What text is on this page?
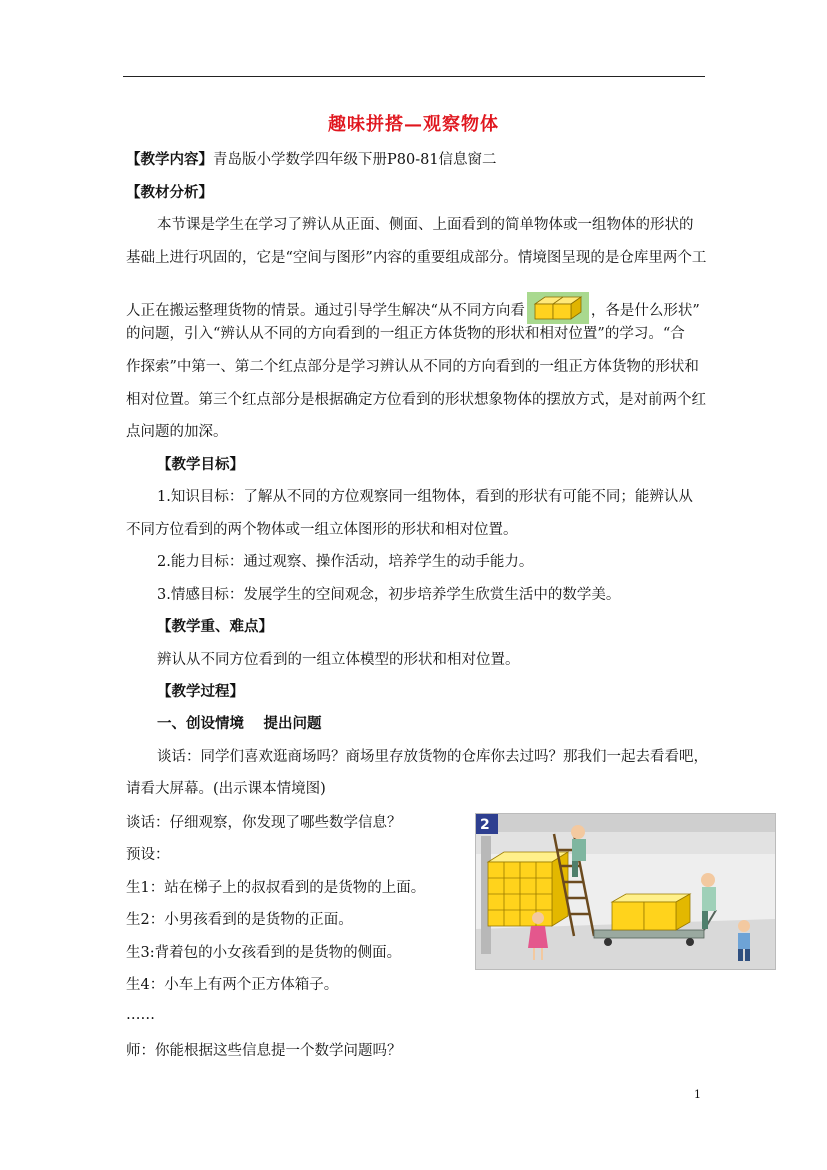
趣味拼搭—观察物体
【教学内容】青岛版小学数学四年级下册P80-81信息窗二
【教材分析】
本节课是学生在学习了辨认从正面、侧面、上面看到的简单物体或一组物体的形状的
基础上进行巩固的，它是“空间与图形”内容的重要组成部分。情境图呈现的是仓库里两个工
人正在搬运整理货物的情景。通过引导学生解决“从不同方向看	，各是什么形状”
的问题，引入“辨认从不同的方向看到的一组正方体货物的形状和相对位置”的学习。“合
作探索”中第一、第二个红点部分是学习辨认从不同的方向看到的一组正方体货物的形状和
相对位置。第三个红点部分是根据确定方位看到的形状想象物体的摆放方式，是对前两个红
点问题的加深。
【教学目标】
1.知识目标：了解从不同的方位观察同一组物体，看到的形状有可能不同；能辨认从
不同方位看到的两个物体或一组立体图形的形状和相对位置。
2.能力目标：通过观察、操作活动，培养学生的动手能力。
3.情感目标：发展学生的空间观念，初步培养学生欣赏生活中的数学美。
【教学重、难点】
辨认从不同方位看到的一组立体模型的形状和相对位置。
【教学过程】
一、创设情境　 提出问题
谈话：同学们喜欢逛商场吗？商场里存放货物的仓库你去过吗？那我们一起去看看吧，
请看大屏幕。(出示课本情境图)
谈话：仔细观察，你发现了哪些数学信息？
预设：
生1：站在梯子上的叔叔看到的是货物的上面。
生2：小男孩看到的是货物的正面。
生3:背着包的小女孩看到的是货物的侧面。
生4：小车上有两个正方体箱子。
……
师：你能根据这些信息提一个数学问题吗？
2
1
